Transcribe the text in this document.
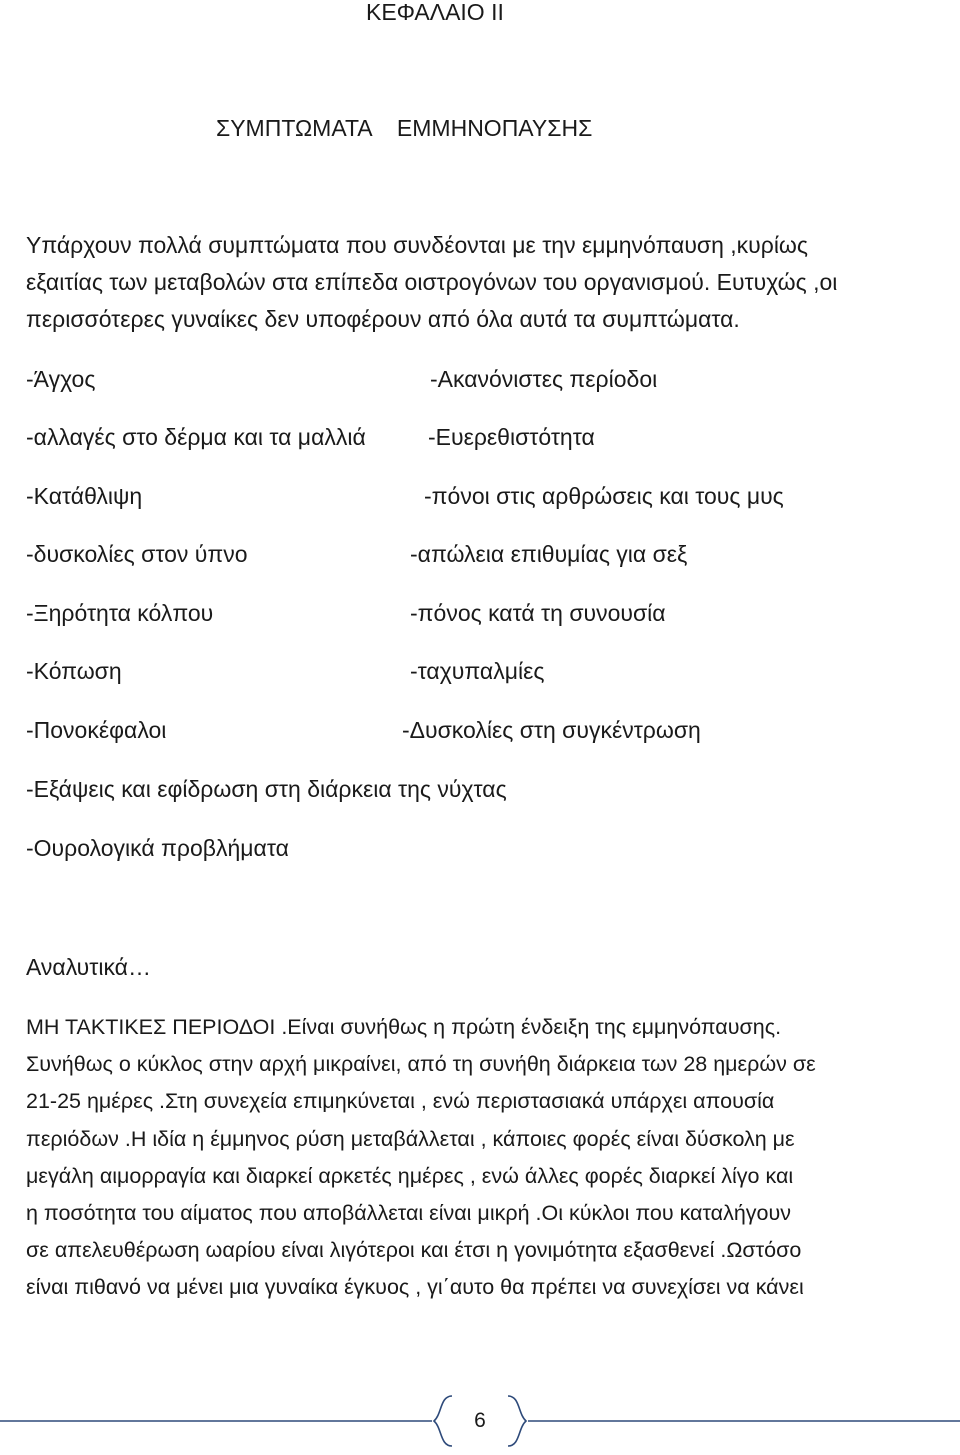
ΚΕΦΑΛΑΙΟ ΙΙ
ΣΥΜΠΤΩΜΑΤΑ    ΕΜΜΗΝΟΠΑΥΣΗΣ
Υπάρχουν πολλά συμπτώματα που συνδέονται με την εμμηνόπαυση ,κυρίως
εξαιτίας των μεταβολών στα επίπεδα οιστρογόνων του οργανισμού. Ευτυχώς ,οι
περισσότερες γυναίκες δεν υποφέρουν από όλα αυτά τα συμπτώματα.
-Άγχος
-αλλαγές στο δέρμα και τα μαλλιά
-Κατάθλιψη
-δυσκολίες στον ύπνο
-Ξηρότητα κόλπου
-Κόπωση
-Πονοκέφαλοι
-Ακανόνιστες περίοδοι
-Ευερεθιστότητα
-πόνοι στις αρθρώσεις και τους μυς
-απώλεια επιθυμίας για σεξ
-πόνος κατά τη συνουσία
-ταχυπαλμίες
-Δυσκολίες στη συγκέντρωση
-Εξάψεις και εφίδρωση στη διάρκεια της νύχτας
-Ουρολογικά προβλήματα
Αναλυτικά…
ΜΗ ΤΑΚΤΙΚΕΣ ΠΕΡΙΟΔΟΙ .Είναι συνήθως η πρώτη ένδειξη της εμμηνόπαυσης.
Συνήθως ο κύκλος στην αρχή μικραίνει, από τη συνήθη διάρκεια των 28 ημερών σε
21-25 ημέρες .Στη συνεχεία επιμηκύνεται , ενώ περιστασιακά υπάρχει απουσία
περιόδων .Η ιδία η έμμηνος ρύση μεταβάλλεται , κάποιες φορές είναι δύσκολη με
μεγάλη αιμορραγία και διαρκεί αρκετές ημέρες , ενώ άλλες φορές διαρκεί λίγο και
η ποσότητα του αίματος που αποβάλλεται είναι μικρή .Οι κύκλοι που καταλήγουν
σε απελευθέρωση ωαρίου είναι λιγότεροι και έτσι η γονιμότητα εξασθενεί .Ωστόσο
είναι πιθανό να μένει μια γυναίκα έγκυος , γι΄αυτο θα πρέπει να συνεχίσει να κάνει
6
